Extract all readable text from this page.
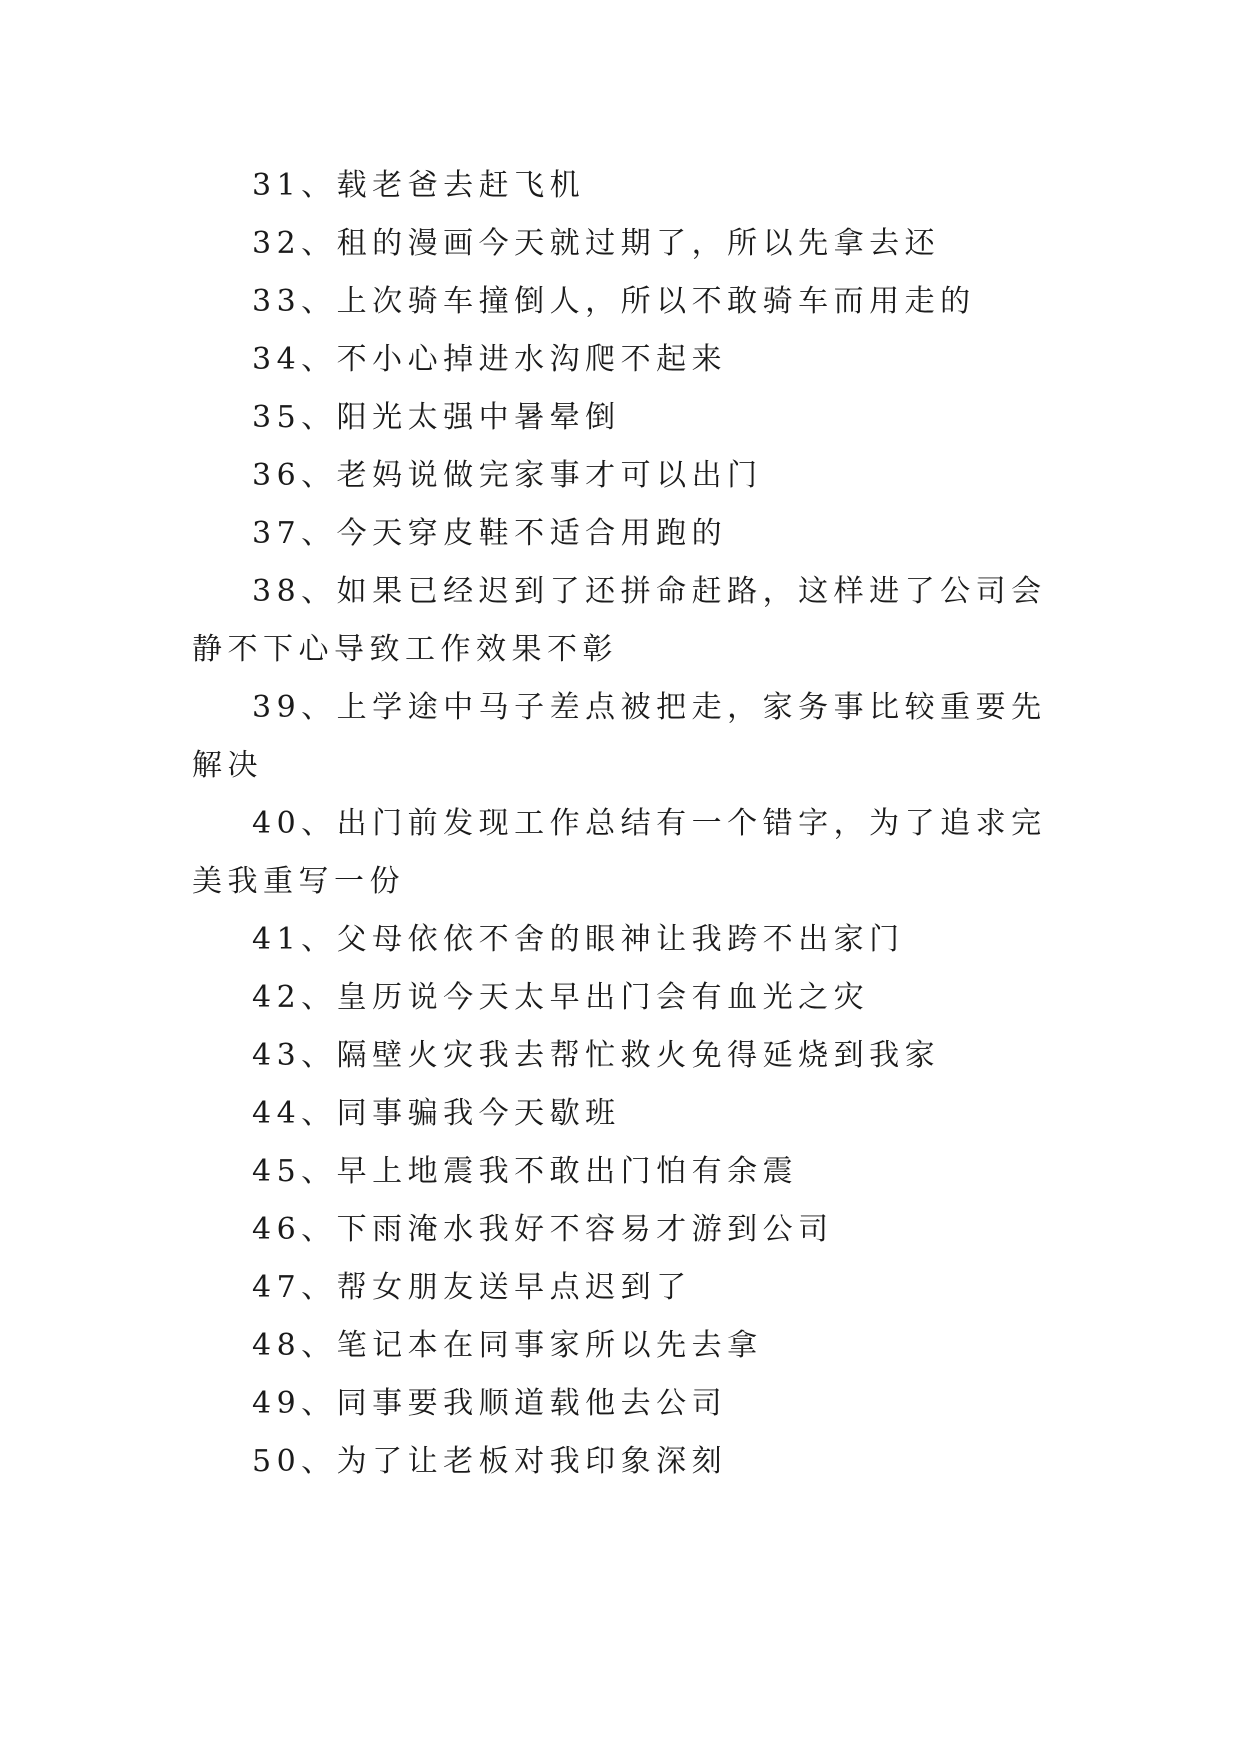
31、载老爸去赶飞机

32、租的漫画今天就过期了，所以先拿去还

33、上次骑车撞倒人，所以不敢骑车而用走的

34、不小心掉进水沟爬不起来

35、阳光太强中暑晕倒

36、老妈说做完家事才可以出门

37、今天穿皮鞋不适合用跑的

38、如果已经迟到了还拼命赶路，这样进了公司会静不下心导致工作效果不彰

39、上学途中马子差点被把走，家务事比较重要先解决

40、出门前发现工作总结有一个错字，为了追求完美我重写一份

41、父母依依不舍的眼神让我跨不出家门

42、皇历说今天太早出门会有血光之灾

43、隔壁火灾我去帮忙救火免得延烧到我家

44、同事骗我今天歇班

45、早上地震我不敢出门怕有余震

46、下雨淹水我好不容易才游到公司

47、帮女朋友送早点迟到了

48、笔记本在同事家所以先去拿

49、同事要我顺道载他去公司

50、为了让老板对我印象深刻
